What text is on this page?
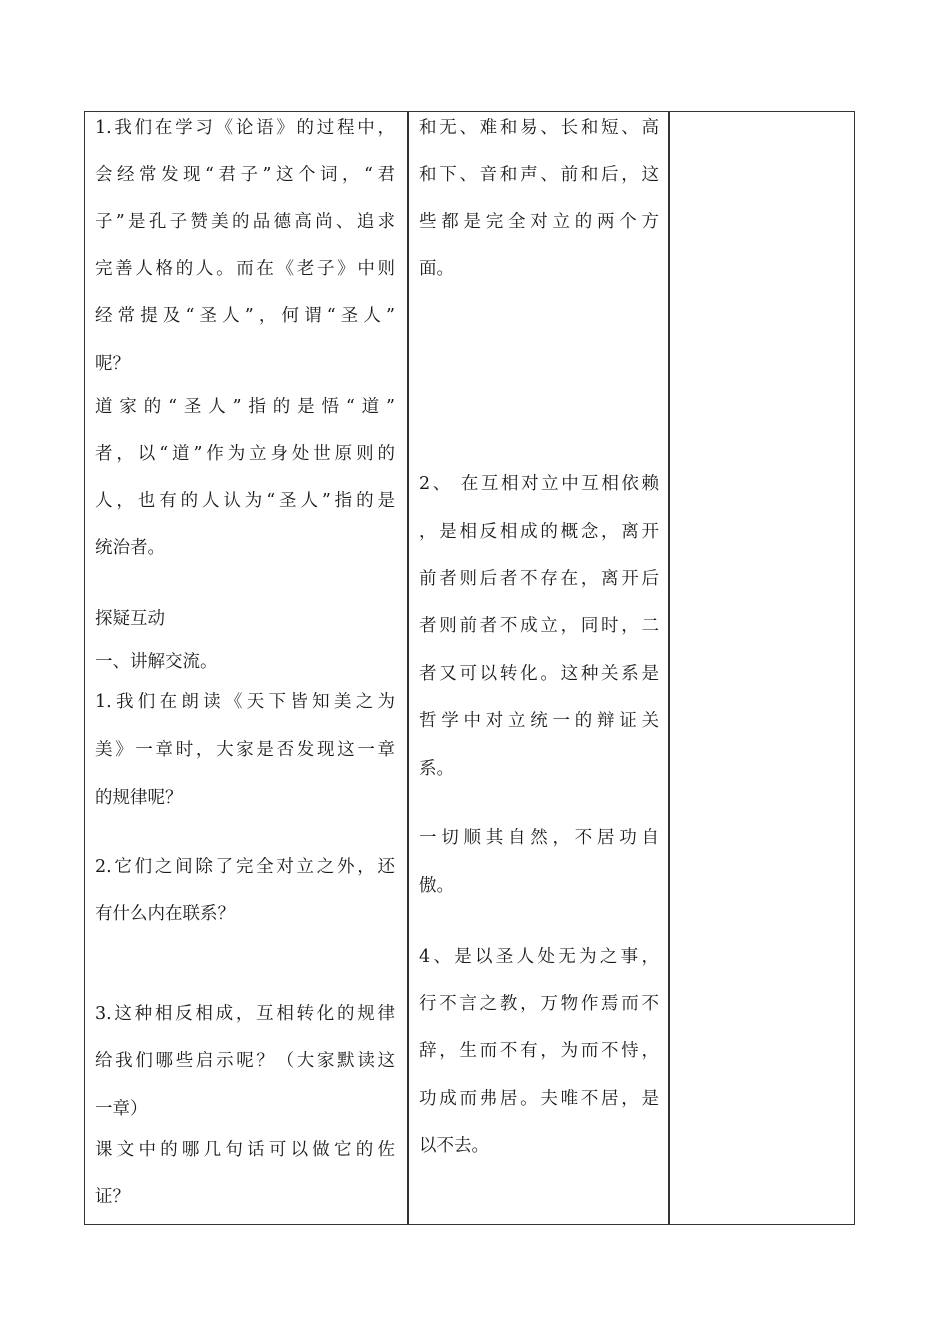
1.我们在学习《论语》的过程中，
会经常发现“君子”这个词，“君
子”是孔子赞美的品德高尚、追求
完善人格的人。而在《老子》中则
经常提及“圣人”，何谓“圣人”
呢？
道家的“圣人”指的是悟“道”
者，以“道”作为立身处世原则的
人，也有的人认为“圣人”指的是
统治者。
探疑互动
一、讲解交流。
1.我们在朗读《天下皆知美之为
美》一章时，大家是否发现这一章
的规律呢？
2.它们之间除了完全对立之外，还
有什么内在联系？
3.这种相反相成，互相转化的规律
给我们哪些启示呢？（大家默读这
一章）
课文中的哪几句话可以做它的佐
证？
和无、难和易、长和短、高
和下、音和声、前和后，这
些都是完全对立的两个方
面。
2、 在互相对立中互相依赖
，是相反相成的概念，离开
前者则后者不存在，离开后
者则前者不成立，同时，二
者又可以转化。这种关系是
哲学中对立统一的辩证关
系。
一切顺其自然，不居功自
傲。
4、是以圣人处无为之事，
行不言之教，万物作焉而不
辞，生而不有，为而不恃，
功成而弗居。夫唯不居，是
以不去。
